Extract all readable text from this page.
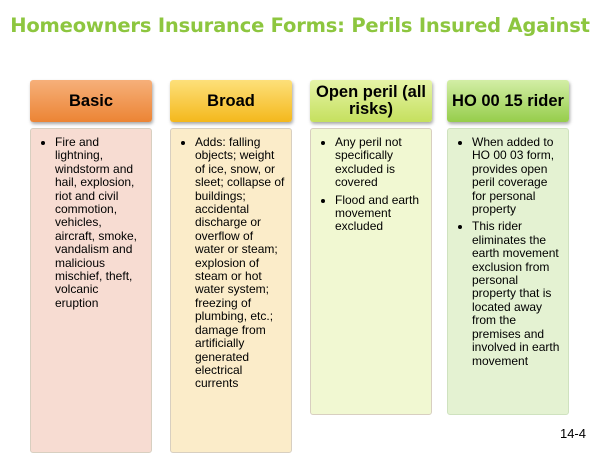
Homeowners Insurance Forms: Perils Insured Against
Basic
• Fire and lightning, windstorm and hail, explosion, riot and civil commotion, vehicles, aircraft, smoke, vandalism and malicious mischief, theft, volcanic eruption
Broad
• Adds: falling objects; weight of ice, snow, or sleet; collapse of buildings; accidental discharge or overflow of water or steam; explosion of steam or hot water system; freezing of plumbing, etc.; damage from artificially generated electrical currents
Open peril (all risks)
• Any peril not specifically excluded is covered
• Flood and earth movement excluded
HO 00 15 rider
• When added to HO 00 03 form, provides open peril coverage for personal property
• This rider eliminates the earth movement exclusion from personal property that is located away from the premises and involved in earth movement
14-4
